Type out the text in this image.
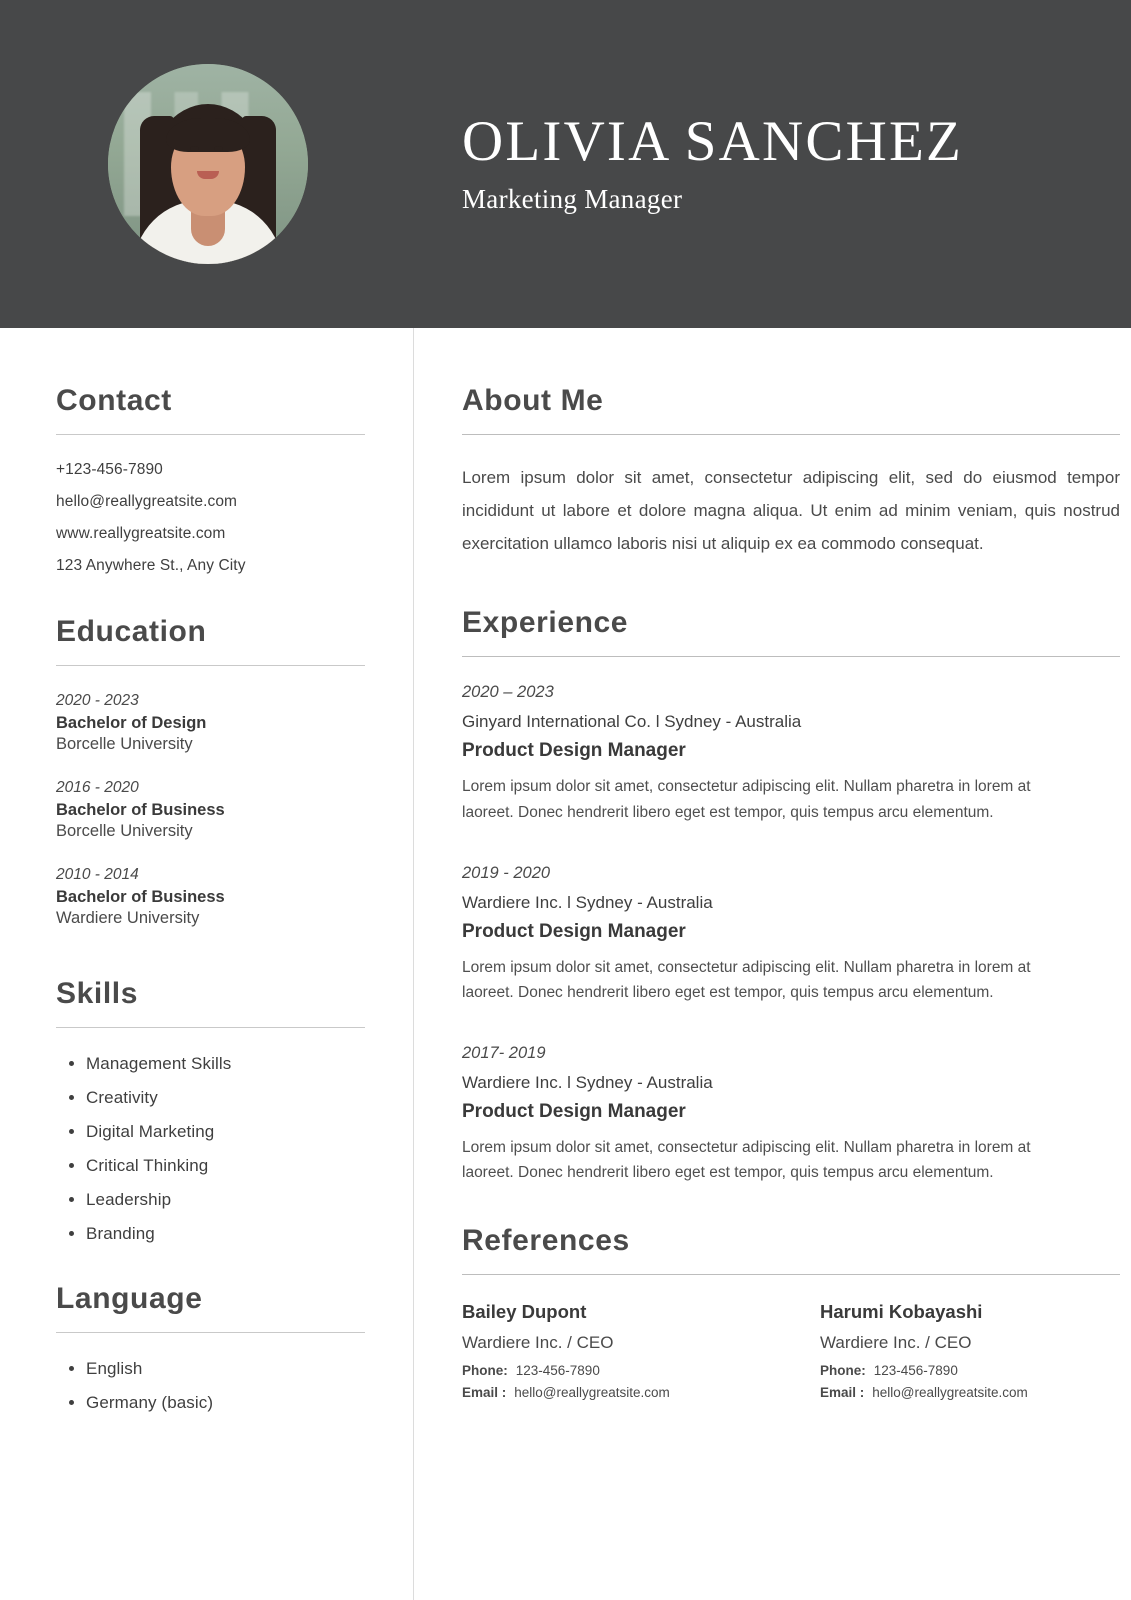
OLIVIA SANCHEZ

Marketing Manager

Contact
+123-456-7890
hello@reallygreatsite.com
www.reallygreatsite.com
123 Anywhere St., Any City
Education
2020 - 2023
Bachelor of Design
Borcelle University
2016 - 2020
Bachelor of Business
Borcelle University
2010 - 2014
Bachelor of Business
Wardiere University
Skills
• Management Skills
• Creativity
• Digital Marketing
• Critical Thinking
• Leadership
• Branding
Language
• English
• Germany (basic)
About Me

Lorem ipsum dolor sit amet, consectetur adipiscing elit, sed do eiusmod tempor incididunt ut labore et dolore magna aliqua. Ut enim ad minim veniam, quis nostrud exercitation ullamco laboris nisi ut aliquip ex ea commodo consequat.

Experience
2020 – 2023
Ginyard International Co. l Sydney - Australia
Product Design Manager

Lorem ipsum dolor sit amet, consectetur adipiscing elit. Nullam pharetra in lorem at laoreet. Donec hendrerit libero eget est tempor, quis tempus arcu elementum.

2019 - 2020
Wardiere Inc. l Sydney - Australia
Product Design Manager

Lorem ipsum dolor sit amet, consectetur adipiscing elit. Nullam pharetra in lorem at laoreet. Donec hendrerit libero eget est tempor, quis tempus arcu elementum.

2017- 2019
Wardiere Inc. l Sydney - Australia
Product Design Manager

Lorem ipsum dolor sit amet, consectetur adipiscing elit. Nullam pharetra in lorem at laoreet. Donec hendrerit libero eget est tempor, quis tempus arcu elementum.

References
Bailey Dupont
Wardiere Inc. / CEO
Phone: 123-456-7890
Email : hello@reallygreatsite.com
Harumi Kobayashi
Wardiere Inc. / CEO
Phone: 123-456-7890
Email : hello@reallygreatsite.com
